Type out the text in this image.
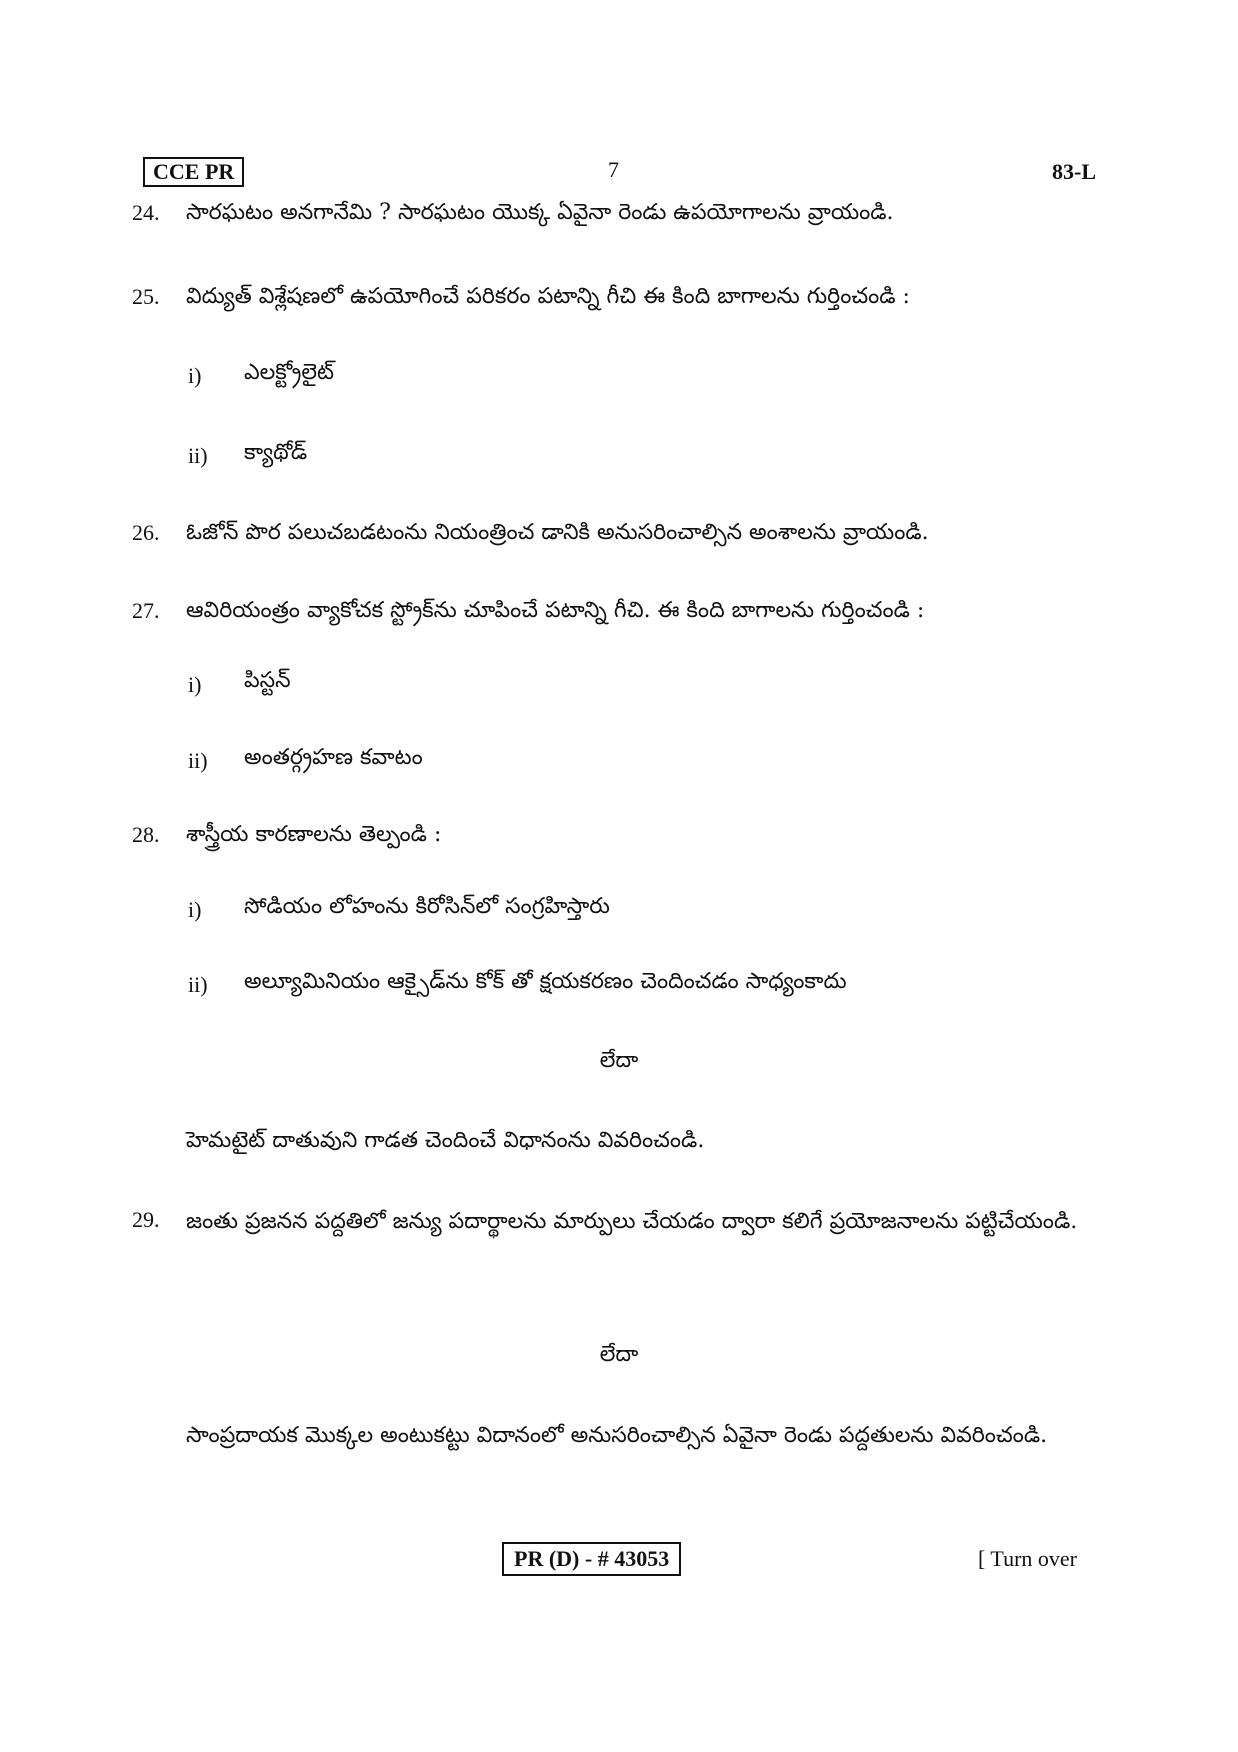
CCE PR	7	83-L
24. సారఘటం అనగానేమి ? సారఘటం యొక్క ఏవైనా రెండు ఉపయోగాలను వ్రాయండి.
25. విద్యుత్ విశ్లేషణలో ఉపయోగించే పరికరం పటాన్ని గీచి ఈ కింది బాగాలను గుర్తించండి :
i) ఎలక్ట్రోలైట్
ii) క్యాథోడ్
26. ఓజోన్ పొర పలుచబడటంను నియంత్రించ డానికి అనుసరించాల్సిన అంశాలను వ్రాయండి.
27. ఆవిరియంత్రం వ్యాకోచక స్ట్రోక్‌ను చూపించే పటాన్ని గీచి. ఈ కింది బాగాలను గుర్తించండి :
i) పిస్టన్
ii) అంతర్గ్రహణ కవాటం
28. శాస్త్రీయ కారణాలను తెల్పండి :
i) సోడియం లోహంను కిరోసిన్‌లో సంగ్రహిస్తారు
ii) అల్యూమినియం ఆక్సైడ్‌ను కోక్ తో క్షయకరణం చెందించడం సాధ్యంకాదు
లేదా
హెమటైట్ దాతువుని గాడత చెందించే విధానంను వివరించండి.
29. జంతు ప్రజనన పద్దతిలో జన్యు పదార్థాలను మార్పులు చేయడం ద్వారా కలిగే ప్రయోజనాలను పట్టిచేయండి.
లేదా
సాంప్రదాయక మొక్కల అంటుకట్టు విదానంలో అనుసరించాల్సిన ఏవైనా రెండు పద్దతులను వివరించండి.
PR (D) - # 43053	[ Turn over
